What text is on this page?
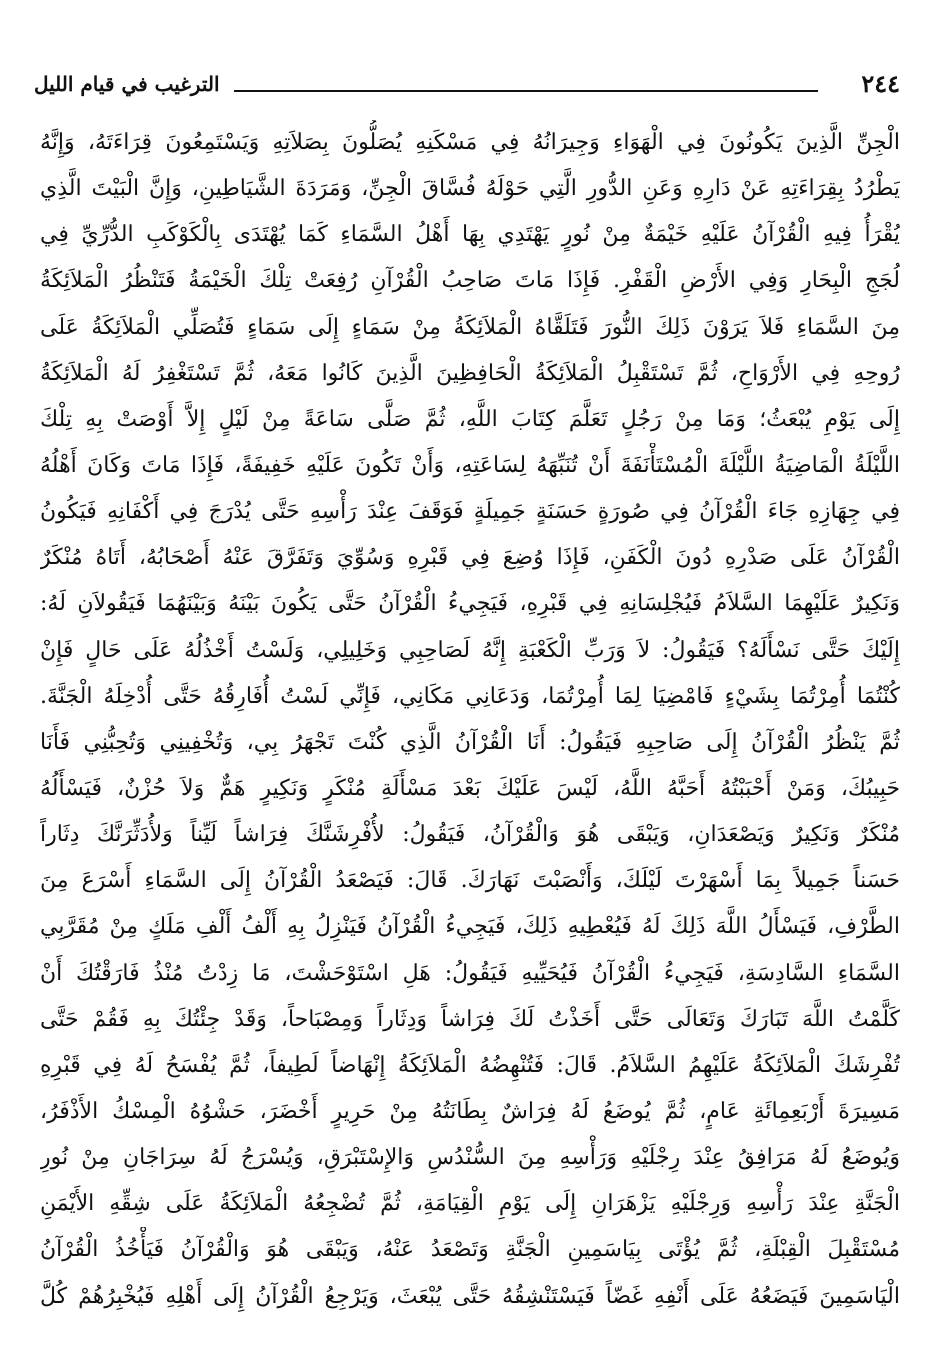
٢٤٤
الترغيب في قيام الليل
الْجِنِّ الَّذِينَ يَكُونُونَ فِي الْهَوَاءِ وَجِيرَانُهُ فِي مَسْكَنِهِ يُصَلُّونَ بِصَلاَتِهِ وَيَسْتَمِعُونَ قِرَاءَتَهُ، وَإِنَّهُ
يَطْرُدُ بِقِرَاءَتِهِ عَنْ دَارِهِ وَعَنِ الدُّورِ الَّتِي حَوْلَهُ فُسَّاقَ الْجِنِّ، وَمَرَدَةَ الشَّيَاطِينِ، وَإِنَّ الْبَيْتَ الَّذِي
يُقْرَأُ فِيهِ الْقُرْآنُ عَلَيْهِ خَيْمَةٌ مِنْ نُورٍ يَهْتَدِي بِهَا أَهْلُ السَّمَاءِ كَمَا يُهْتَدَى بِالْكَوْكَبِ الدُّرِّيِّ فِي
لُجَجِ الْبِحَارِ وَفِي الأَرْضِ الْقَفْرِ. فَإِذَا مَاتَ صَاحِبُ الْقُرْآنِ رُفِعَتْ تِلْكَ الْخَيْمَةُ فَتَنْظُرُ الْمَلاَئِكَةُ
مِنَ السَّمَاءِ فَلاَ يَرَوْنَ ذَلِكَ النُّورَ فَتَلَقَّاهُ الْمَلاَئِكَةُ مِنْ سَمَاءٍ إِلَى سَمَاءٍ فَتُصَلِّي الْمَلاَئِكَةُ عَلَى
رُوحِهِ فِي الأَرْوَاحِ، ثُمَّ تَسْتَقْبِلُ الْمَلاَئِكَةُ الْحَافِظِينَ الَّذِينَ كَانُوا مَعَهُ، ثُمَّ تَسْتَغْفِرُ لَهُ الْمَلاَئِكَةُ
إِلَى يَوْمِ يُبْعَثُ؛ وَمَا مِنْ رَجُلٍ تَعَلَّمَ كِتَابَ اللَّهِ، ثُمَّ صَلَّى سَاعَةً مِنْ لَيْلٍ إِلاَّ أَوْصَتْ بِهِ تِلْكَ
اللَّيْلَةُ الْمَاضِيَةُ اللَّيْلَةَ الْمُسْتَأْنَفَةَ أَنْ تُنَبِّهَهُ لِسَاعَتِهِ، وَأَنْ تَكُونَ عَلَيْهِ خَفِيفَةً، فَإِذَا مَاتَ وَكَانَ أَهْلُهُ
فِي جِهَازِهِ جَاءَ الْقُرْآنُ فِي صُورَةٍ حَسَنَةٍ جَمِيلَةٍ فَوَقَفَ عِنْدَ رَأْسِهِ حَتَّى يُدْرَجَ فِي أَكْفَانِهِ فَيَكُونُ
الْقُرْآنُ عَلَى صَدْرِهِ دُونَ الْكَفَنِ، فَإِذَا وُضِعَ فِي قَبْرِهِ وَسُوِّيَ وَتَفَرَّقَ عَنْهُ أَصْحَابُهُ، أَتَاهُ مُنْكَرٌ
وَنَكِيرٌ عَلَيْهِمَا السَّلاَمُ فَيُجْلِسَانِهِ فِي قَبْرِهِ، فَيَجِيءُ الْقُرْآنُ حَتَّى يَكُونَ بَيْنَهُ وَبَيْنَهُمَا فَيَقُولاَنِ لَهُ:
إِلَيْكَ حَتَّى نَسْأَلَهُ؟ فَيَقُولُ: لاَ وَرَبِّ الْكَعْبَةِ إِنَّهُ لَصَاحِبِي وَخَلِيلِي، وَلَسْتُ أَخْذُلُهُ عَلَى حَالٍ فَإِنْ
كُنْتُمَا أُمِرْتُمَا بِشَيْءٍ فَامْضِيَا لِمَا أُمِرْتُمَا، وَدَعَانِي مَكَانِي، فَإِنِّي لَسْتُ أُفَارِقُهُ حَتَّى أُدْخِلَهُ الْجَنَّةَ.
ثُمَّ يَنْظُرُ الْقُرْآنُ إِلَى صَاحِبِهِ فَيَقُولُ: أَنَا الْقُرْآنُ الَّذِي كُنْتَ تَجْهَرُ بِي، وَتُخْفِينِي وَتُحِبُّنِي فَأَنَا
حَبِيبُكَ، وَمَنْ أَحْبَبْتُهُ أَحَبَّهُ اللَّهُ، لَيْسَ عَلَيْكَ بَعْدَ مَسْأَلَةِ مُنْكَرٍ وَنَكِيرٍ هَمٌّ وَلاَ حُزْنٌ، فَيَسْأَلُهُ
مُنْكَرٌ وَنَكِيرٌ وَيَصْعَدَانِ، وَيَبْقَى هُوَ وَالْقُرْآنُ، فَيَقُولُ: لأُفْرِشَنَّكَ فِرَاشاً لَيِّناً وَلأُدَثِّرَنَّكَ دِثَاراً
حَسَناً جَمِيلاً بِمَا أَسْهَرْتَ لَيْلَكَ، وَأَنْصَبْتَ نَهَارَكَ. قَالَ: فَيَصْعَدُ الْقُرْآنُ إِلَى السَّمَاءِ أَسْرَعَ مِنَ
الطَّرْفِ، فَيَسْأَلُ اللَّهَ ذَلِكَ لَهُ فَيُعْطِيهِ ذَلِكَ، فَيَجِيءُ الْقُرْآنُ فَيَنْزِلُ بِهِ أَلْفُ أَلْفِ مَلَكٍ مِنْ مُقَرَّبِي
السَّمَاءِ السَّادِسَةِ، فَيَجِيءُ الْقُرْآنُ فَيُحَيِّيهِ فَيَقُولُ: هَلِ اسْتَوْحَشْتَ، مَا زِدْتُ مُنْذُ فَارَقْتُكَ أَنْ
كَلَّمْتُ اللَّهَ تَبَارَكَ وَتَعَالَى حَتَّى أَخَذْتُ لَكَ فِرَاشاً وَدِثَاراً وَمِصْبَاحاً، وَقَدْ جِئْتُكَ بِهِ فَقُمْ حَتَّى
تُفْرِشَكَ الْمَلاَئِكَةُ عَلَيْهِمُ السَّلاَمُ. قَالَ: فَتُنْهِضُهُ الْمَلاَئِكَةُ إِنْهَاضاً لَطِيفاً، ثُمَّ يُفْسَحُ لَهُ فِي قَبْرِهِ
مَسِيرَةَ أَرْبَعِمِائَةِ عَامٍ، ثُمَّ يُوضَعُ لَهُ فِرَاشٌ بِطَانَتُهُ مِنْ حَرِيرٍ أَخْضَرَ، حَشْوُهُ الْمِسْكُ الأَذْفَرُ،
وَيُوضَعُ لَهُ مَرَافِقُ عِنْدَ رِجْلَيْهِ وَرَأْسِهِ مِنَ السُّنْدُسِ وَالإِسْتَبْرَقِ، وَيُسْرَجُ لَهُ سِرَاجَانِ مِنْ نُورِ
الْجَنَّةِ عِنْدَ رَأْسِهِ وَرِجْلَيْهِ يَزْهَرَانِ إِلَى يَوْمِ الْقِيَامَةِ، ثُمَّ تُضْجِعُهُ الْمَلاَئِكَةُ عَلَى شِقِّهِ الأَيْمَنِ
مُسْتَقْبِلَ الْقِبْلَةِ، ثُمَّ يُؤْتَى بِيَاسَمِينِ الْجَنَّةِ وَتَصْعَدُ عَنْهُ، وَيَبْقَى هُوَ وَالْقُرْآنُ فَيَأْخُذُ الْقُرْآنُ
الْيَاسَمِينَ فَيَضَعُهُ عَلَى أَنْفِهِ غَضّاً فَيَسْتَنْشِقُهُ حَتَّى يُبْعَثَ، وَيَرْجِعُ الْقُرْآنُ إِلَى أَهْلِهِ فَيُخْبِرُهُمْ كُلَّ
